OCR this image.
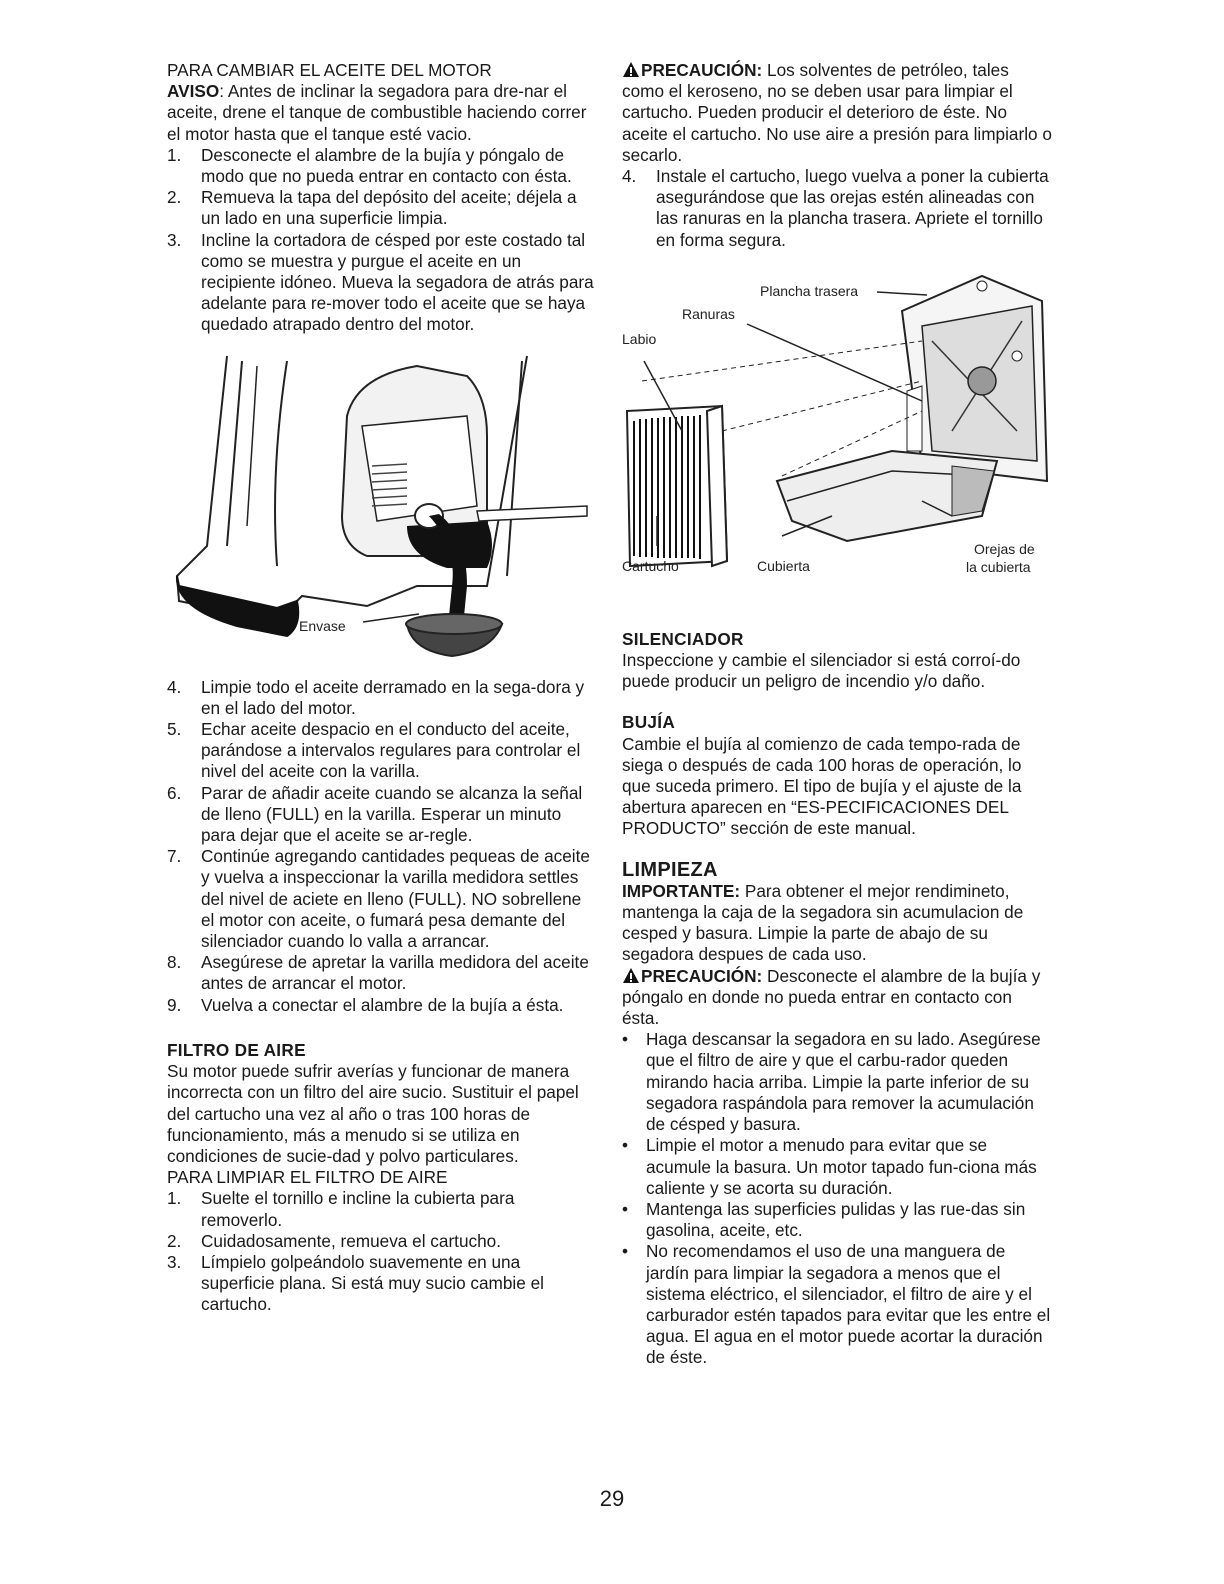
PARA CAMBIAR EL ACEITE DEL MOTOR

AVISO: Antes de inclinar la segadora para dre-nar el aceite, drene el tanque de combustible haciendo correr el motor hasta que el tanque esté vacio.

1. Desconecte el alambre de la bujía y póngalo de modo que no pueda entrar en contacto con ésta.
2. Remueva la tapa del depósito del aceite; déjela a un lado en una superficie limpia.
3. Incline la cortadora de césped por este costado tal como se muestra y purgue el aceite en un recipiente idóneo. Mueva la segadora de atrás para adelante para re-mover todo el aceite que se haya quedado atrapado dentro del motor.
Envase
4. Limpie todo el aceite derramado en la sega-dora y en el lado del motor.
5. Echar aceite despacio en el conducto del aceite, parándose a intervalos regulares para controlar el nivel del aceite con la varilla.
6. Parar de añadir aceite cuando se alcanza la señal de lleno (FULL) en la varilla. Esperar un minuto para dejar que el aceite se ar-regle.
7. Continúe agregando cantidades pequeas de aceite y vuelva a inspeccionar la varilla medidora settles del nivel de aciete en lleno (FULL). NO sobrellene el motor con aceite, o fumará pesa demante del silenciador cuando lo valla a arrancar.
8. Asegúrese de apretar la varilla medidora del aceite antes de arrancar el motor.
9. Vuelva a conectar el alambre de la bujía a ésta.

FILTRO DE AIRE

Su motor puede sufrir averías y funcionar de manera incorrecta con un filtro del aire sucio. Sustituir el papel del cartucho una vez al año o tras 100 horas de funcionamiento, más a menudo si se utiliza en condiciones de sucie-dad y polvo particulares.

PARA LIMPIAR EL FILTRO DE AIRE

1. Suelte el tornillo e incline la cubierta para removerlo.
2. Cuidadosamente, remueva el cartucho.
3. Límpielo golpeándolo suavemente en una superficie plana. Si está muy sucio cambie el cartucho.

PRECAUCIÓN: Los solventes de petróleo, tales como el keroseno, no se deben usar para limpiar el cartucho. Pueden producir el deterioro de éste. No aceite el cartucho. No use aire a presión para limpiarlo o secarlo.

4. Instale el cartucho, luego vuelva a poner la cubierta asegurándose que las orejas estén alineadas con las ranuras en la plancha trasera. Apriete el tornillo en forma segura.
Plancha trasera
Ranuras
Labio
Cartucho	Cubierta
Orejas de
la cubierta

SILENCIADOR

Inspeccione y cambie el silenciador si está corroí-do puede producir un peligro de incendio y/o daño.

BUJÍA

Cambie el bujía al comienzo de cada tempo-rada de siega o después de cada 100 horas de operación, lo que suceda primero. El tipo de bujía y el ajuste de la abertura aparecen en “ES-PECIFICACIONES DEL PRODUCTO” sección de este manual.

LIMPIEZA

IMPORTANTE: Para obtener el mejor rendimineto, mantenga la caja de la segadora sin acumulacion de cesped y basura. Limpie la parte de abajo de su segadora despues de cada uso.

PRECAUCIÓN: Desconecte el alambre de la bujía y póngalo en donde no pueda entrar en contacto con ésta.

• Haga descansar la segadora en su lado. Asegúrese que el filtro de aire y que el carbu-rador queden mirando hacia arriba. Limpie la parte inferior de su segadora raspándola para remover la acumulación de césped y basura.
• Limpie el motor a menudo para evitar que se acumule la basura. Un motor tapado fun-ciona más caliente y se acorta su duración.
• Mantenga las superficies pulidas y las rue-das sin gasolina, aceite, etc.
• No recomendamos el uso de una manguera de jardín para limpiar la segadora a menos que el sistema eléctrico, el silenciador, el filtro de aire y el carburador estén tapados para evitar que les entre el agua. El agua en el motor puede acortar la duración de éste.
29
